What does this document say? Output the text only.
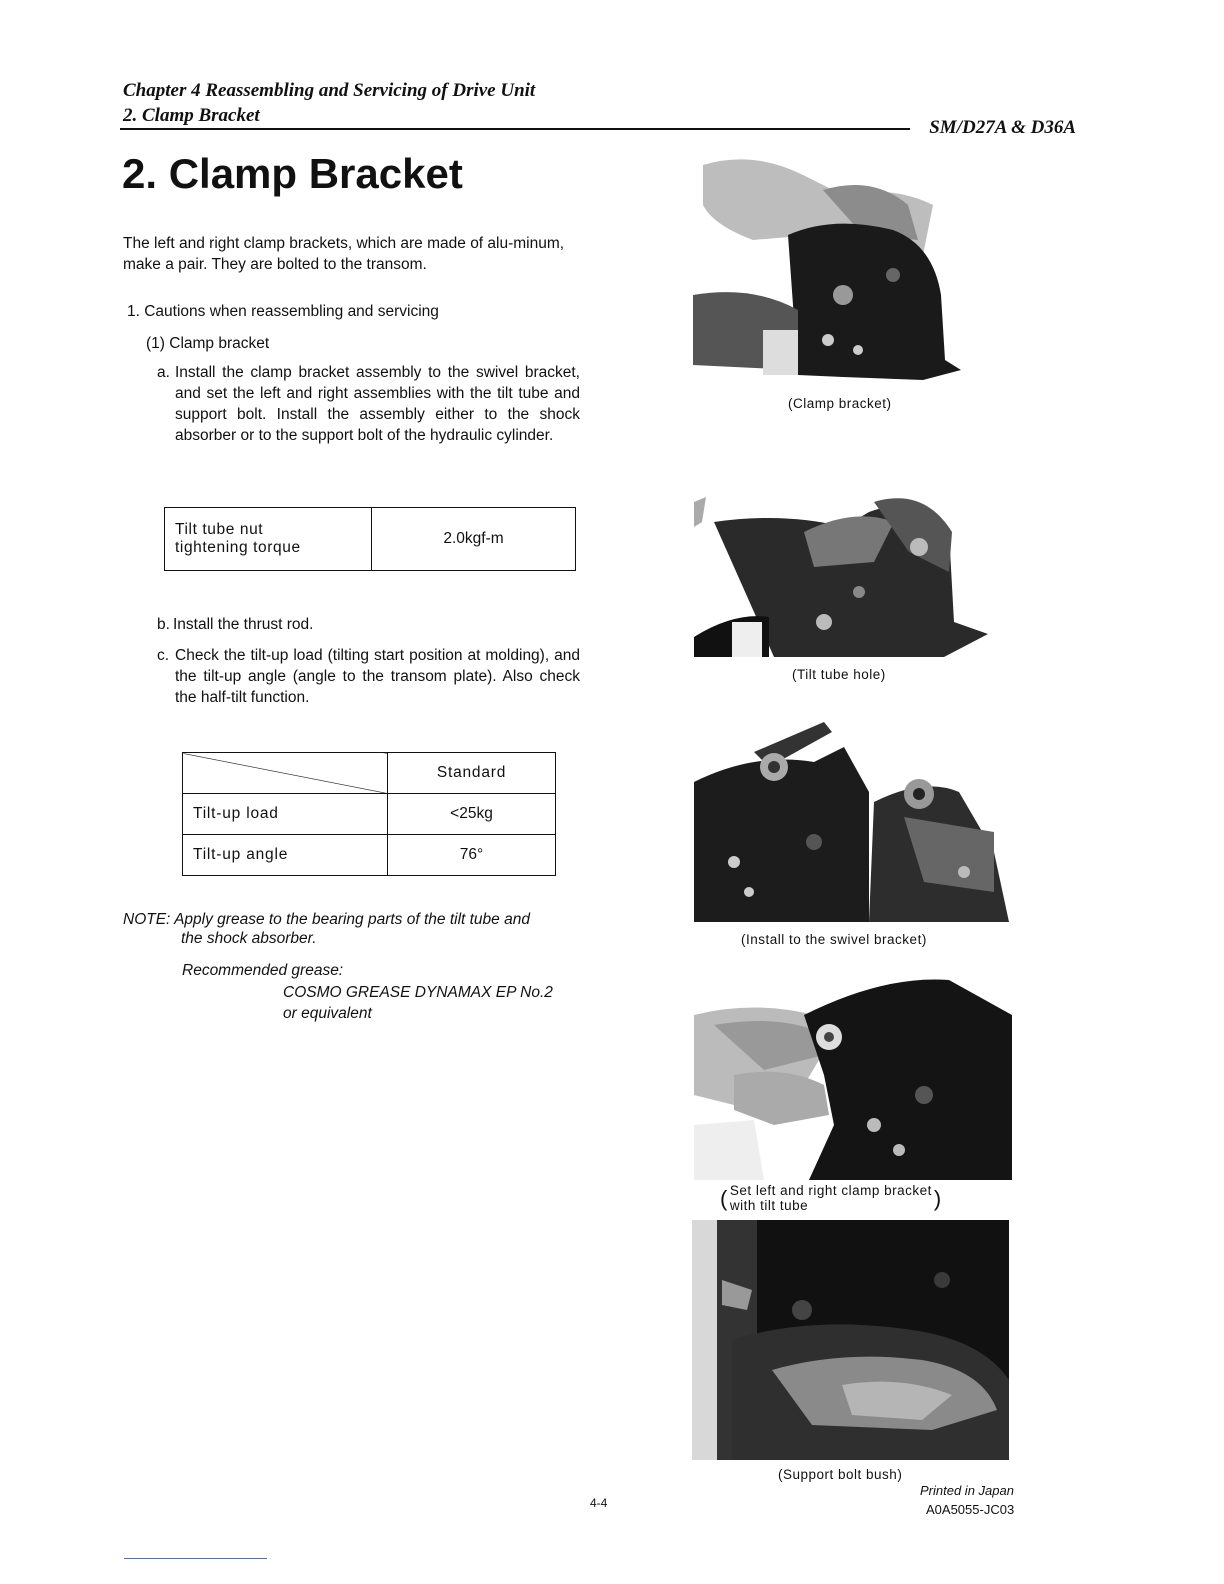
Chapter 4 Reassembling and Servicing of Drive Unit
2. Clamp Bracket
SM/D27A & D36A
2. Clamp Bracket

The left and right clamp brackets, which are made of alu-minum, make a pair. They are bolted to the transom.

1. Cautions when reassembling and servicing

(1) Clamp bracket

a. Install the clamp bracket assembly to the swivel bracket, and set the left and right assemblies with the tilt tube and support bolt. Install the assembly either to the shock absorber or to the support bolt of the hydraulic cylinder.
Tilt tube nut
tightening torque
	2.0kgf-m
b. Install the thrust rod.
c. Check the tilt-up load (tilting start position at molding), and the tilt-up angle (angle to the transom plate). Also check the half-tilt function.
	Standard
Tilt-up load	<25kg
Tilt-up angle	76°
NOTE: Apply grease to the bearing parts of the tilt tube and
the shock absorber.
Recommended grease:
COSMO GREASE DYNAMAX EP No.2
or equivalent
(Clamp bracket)
(Tilt tube hole)
(Install to the swivel bracket)
( Set left and right clamp bracket
with tilt tube	)
(Support bolt bush)
4-4
Printed in Japan
A0A5055-JC03
